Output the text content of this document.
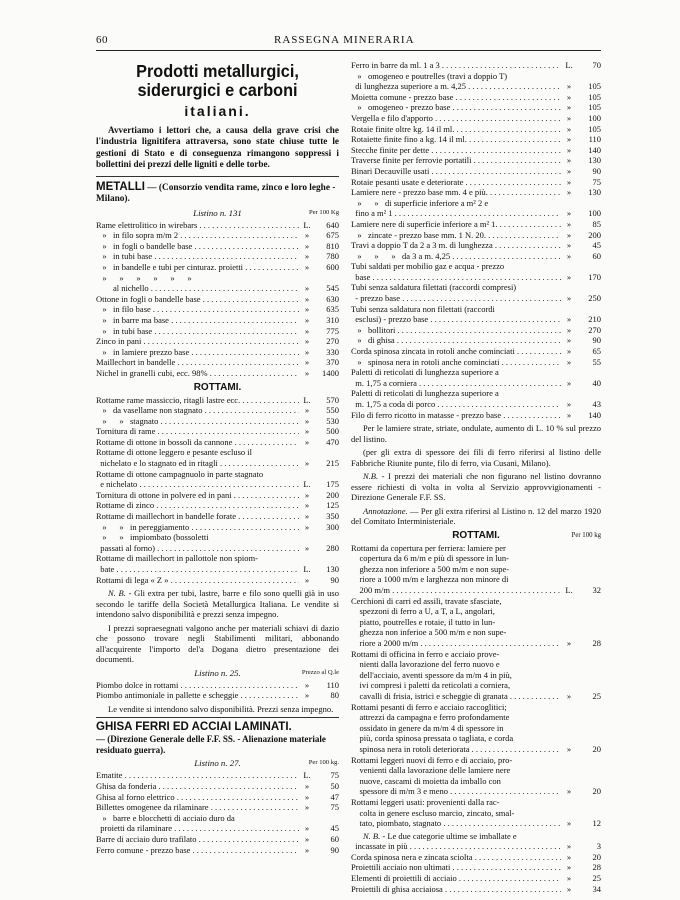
60	RASSEGNA MINERARIA
Prodotti metallurgici, siderurgici e carboni
italiani.

Avvertiamo i lettori che, a causa della grave crisi che l'industria lignitifera attraversa, sono state chiuse tutte le gestioni di Stato e di conseguenza rimangono soppressi i bollettini dei prezzi delle ligniti e delle torbe.

METALLI — (Consorzio vendita rame, zinco e loro leghe - Milano).
Listino n. 131	Per 100 Kg
Rame elettrolitico in wirebars . . .	L.	640
»   in filo sopra m/m 2 . . .	»	675
»   in fogli o bandelle base . . .	»	810
»   in tubi base . . .	»	780
»   in bandelle e tubi per cinturaz. proietti . . .	»	600
»      »      »      »      »      »
al nichello . . .	»	545
Ottone in fogli o bandelle base . . .	»	630
»   in filo base . . .	»	635
»   in barre ma base . . .	»	310
»   in tubi base . . .	»	775
Zinco in pani . . .	»	270
»   in lamiere prezzo base . . .	»	330
Maillechort in bandelle . . .	»	370
Nichel in granelli cubi, ecc. 98% . . .	»	1400
ROTTAMI.
Rottame rame massiccio, ritagli lastre ecc. . . .	L.	570
»   da vasellame non stagnato . . .	»	550
»      »   stagnato . . .	»	530
Tornitura di rame . . .	»	500
Rottame di ottone in bossoli da cannone . . .	»	470
Rottame di ottone leggero e pesante escluso il
nichelato e lo stagnato ed in ritagli . . .	»	215
Rottame di ottone campagnuolo in parte stagnato
e nichelato . . .	L.	175
Tornitura di ottone in polvere ed in pani . . .	»	200
Rottame di zinco . . .	»	125
Rottame di maillechort in bandelle forate . . .	»	350
»      »   in pereggiamento . . .	»	300
»      »   impiombato (bossoletti
passati al forno) . . .	»	280
Rottame di maillechort in pallottole non spiom-
bate . . .	L.	130
Rottami di lega « Z » . . .	»	90

N. B. - Gli extra per tubi, lastre, barre e filo sono quelli già in uso secondo le tariffe della Società Metallurgica Italiana. Le vendite si intendono salvo disponibilità e prezzi senza impegno.

I prezzi sopraesegnati valgono anche per materiali schiavi di dazio che possono trovare negli Stabilimenti militari, abbonando all'acquirente l'importo del'a Dogana dietro presentazione dei documenti.

Listino n. 25.	Prezzo al Q.le
Piombo dolce in rottami . . .	»	110
Piombo antimoniale in pallette e scheggie . . .	»	80

Le vendite si intendono salvo disponibilità. Prezzi senza impegno.

GHISA FERRI ED ACCIAI LAMINATI.
— (Direzione Generale delle F.F. SS. - Alienazione materiale residuato guerra).
Listino n. 27.	Per 100 kg.
Ematite . . .	L.	75
Ghisa da fonderia . . .	»	50
Ghisa al forno elettrico . . .	»	47
Billettes omogenee da rilaminare . . .	»	75
»   barre e blocchetti di acciaio duro da
proietti da rilaminare . . .	»	45
Barre di acciaio duro trafilato . . .	»	60
Ferro comune - prezzo base . . .	»	90
Ferro in barre da ml. 1 a 3 . . .	L.	70
»   omogeneo e poutrelles (travi a doppio T)
di lunghezza superiore a m. 4,25 . . .	»	105
Moietta comune - prezzo base . . .	»	105
»   omogeneo - prezzo base . . .	»	105
Vergella e filo d'apporto . . .	»	100
Rotaie finite oltre kg. 14 il ml. . . .	»	105
Rotaiette finite fino a kg. 14 il ml. . . .	»	110
Stecche finite per dette . . .	»	140
Traverse finite per ferrovie portatili . . .	»	130
Binari Decauville usati . . .	»	90
Rotaie pesanti usate e deteriorate . . .	»	75
Lamiere nere - prezzo base mm. 4 e più. . . .	»	130
»      »   di superficie inferiore a m² 2 e
fino a m² 1 . . .	»	100
Lamiere nere di superficie inferiore a m² 1. . . .	»	85
»   zincate - prezzo base mm. 1 N. 20. . . .	»	200
Travi a doppio T da 2 a 3 m. di lunghezza . . .	»	45
»      »      »   da 3 a m. 4,25 . . .	»	60
Tubi saldati per mobilio gaz e acqua - prezzo
base . . .	»	170
Tubi senza saldatura filettati (raccordi compresi)
- prezzo base . . .	»	250
Tubi senza saldatura non filettati (raccordi
esclusi) - prezzo base . . .	»	210
»   bollitori . . .	»	270
»   di ghisa . . .	»	90
Corda spinosa zincata in rotoli anche cominciati . . .	»	65
»   spinosa nera in rotoli anche cominciati . . .	»	55
Paletti di reticolati di lunghezza superiore a
m. 1,75 a corniera . . .	»	40
Paletti di reticolati di lunghezza superiore a
m. 1,75 a coda di porco . . .	»	43
Filo di ferro ricotto in matasse - prezzo base . . .	»	140

Per le lamiere strate, striate, ondulate, aumento di L. 10 % sul prezzo del listino.

(per gli extra di spessore dei fili di ferro riferirsi al listino delle Fabbriche Riunite punte, filo di ferro, via Cusani, Milano).

N.B. - I prezzi dei materiali che non figurano nel listino dovranno essere richiesti di volta in volta al Servizio approvvigionamenti - Direzione Generale F.F. SS.

Annotazione. — Per gli extra riferirsi al Listino n. 12 del marzo 1920 del Comitato Interministeriale.

ROTTAMI.	Per 100 kg
Rottami da copertura per ferriera: lamiere per
copertura da 6 m/m e più di spessore in lun-
ghezza non inferiore a 500 m/m e non supe-
riore a 1000 m/m e larghezza non minore di
200 m/m . . .	L.	32
Cerchioni di carri ed assili, travate sfasciate,
spezzoni di ferro a U, a T, a L, angolari,
piatto, poutrelles e rotaie, il tutto in lun-
ghezza non inferioe a 500 m/m e non supe-
riore a 2000 m/m . . .	»	28
Rottami di officina in ferro e acciaio prove-
nienti dalla lavorazione del ferro nuovo e
dell'acciaio, aventi spessore da m/m 4 in più,
ivi compresi i paletti da reticolati a corniera,
cavalli di frisia, istrici e scheggie di granata . . .	»	25
Rottami pesanti di ferro e acciaio raccoglitici;
attrezzi da campagna e ferro profondamente
ossidato in genere da m/m 4 di spessore in
più, corda spinosa pressata o tagliata, e corda
spinosa nera in rotoli deteriorata . . .	»	20
Rottami leggeri nuovi di ferro e di acciaio, pro-
venienti dalla lavorazione delle lamiere nere
nuove, cascami di moietta da imballo con
spessore di m/m 3 e meno . . .	»	20
Rottami leggeri usati: provenienti dalla rac-
colta in genere escluso marcio, zincato, smal-
tato, piombato, stagnato . . .	»	12

N. B. - Le due categorie ultime se imballate e

incassate in più . . .	»	3
Corda spinosa nera e zincata sciolta . . .	»	20
Proiettili acciaio non ultimati . . .	»	28
Elementi di proiettili di acciaio . . .	»	25
Proiettili di ghisa acciaiosa . . .	»	34
